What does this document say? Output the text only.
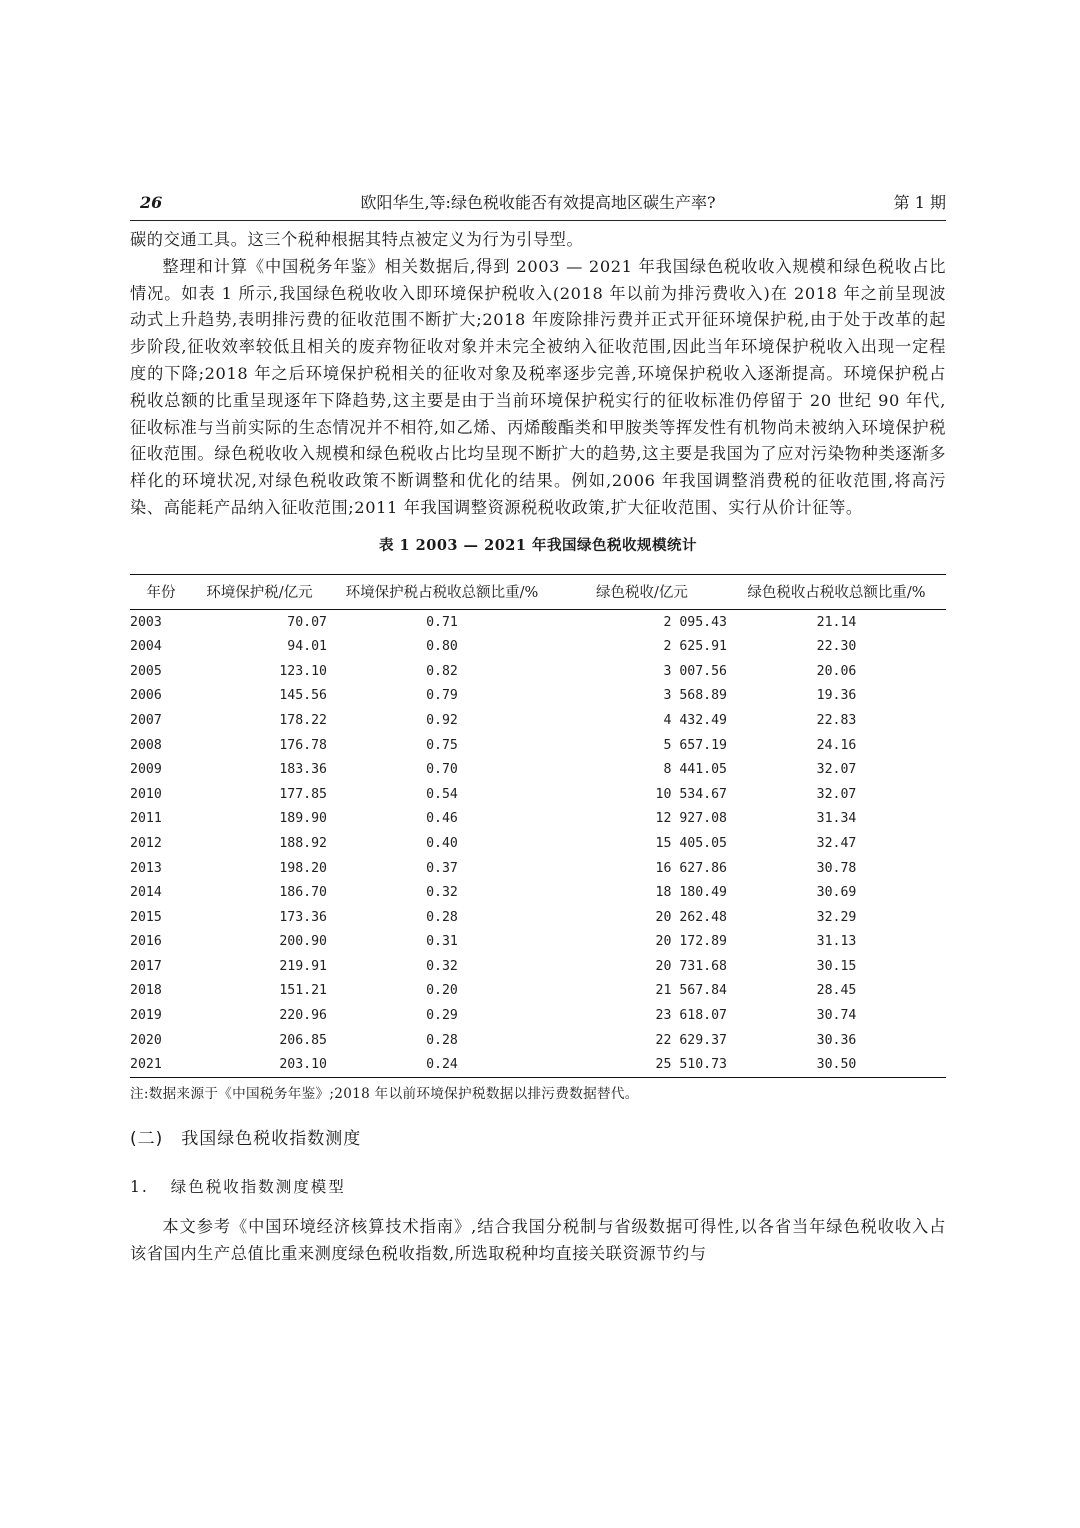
26	欧阳华生,等:绿色税收能否有效提高地区碳生产率?	第 1 期

碳的交通工具。这三个税种根据其特点被定义为行为引导型。

整理和计算《中国税务年鉴》相关数据后,得到 2003 — 2021 年我国绿色税收收入规模和绿色税收占比情况。如表 1 所示,我国绿色税收收入即环境保护税收入(2018 年以前为排污费收入)在 2018 年之前呈现波动式上升趋势,表明排污费的征收范围不断扩大;2018 年废除排污费并正式开征环境保护税,由于处于改革的起步阶段,征收效率较低且相关的废弃物征收对象并未完全被纳入征收范围,因此当年环境保护税收入出现一定程度的下降;2018 年之后环境保护税相关的征收对象及税率逐步完善,环境保护税收入逐渐提高。环境保护税占税收总额的比重呈现逐年下降趋势,这主要是由于当前环境保护税实行的征收标准仍停留于 20 世纪 90 年代,征收标准与当前实际的生态情况并不相符,如乙烯、丙烯酸酯类和甲胺类等挥发性有机物尚未被纳入环境保护税征收范围。绿色税收收入规模和绿色税收占比均呈现不断扩大的趋势,这主要是我国为了应对污染物种类逐渐多样化的环境状况,对绿色税收政策不断调整和优化的结果。例如,2006 年我国调整消费税的征收范围,将高污染、高能耗产品纳入征收范围;2011 年我国调整资源税税收政策,扩大征收范围、实行从价计征等。

表 1 2003 — 2021 年我国绿色税收规模统计
年份	环境保护税/亿元	环境保护税占税收总额比重/%	绿色税收/亿元	绿色税收占税收总额比重/%
2003	70.07	0.71	2 095.43	21.14
2004	94.01	0.80	2 625.91	22.30
2005	123.10	0.82	3 007.56	20.06
2006	145.56	0.79	3 568.89	19.36
2007	178.22	0.92	4 432.49	22.83
2008	176.78	0.75	5 657.19	24.16
2009	183.36	0.70	8 441.05	32.07
2010	177.85	0.54	10 534.67	32.07
2011	189.90	0.46	12 927.08	31.34
2012	188.92	0.40	15 405.05	32.47
2013	198.20	0.37	16 627.86	30.78
2014	186.70	0.32	18 180.49	30.69
2015	173.36	0.28	20 262.48	32.29
2016	200.90	0.31	20 172.89	31.13
2017	219.91	0.32	20 731.68	30.15
2018	151.21	0.20	21 567.84	28.45
2019	220.96	0.29	23 618.07	30.74
2020	206.85	0.28	22 629.37	30.36
2021	203.10	0.24	25 510.73	30.50
注:数据来源于《中国税务年鉴》;2018 年以前环境保护税数据以排污费数据替代。
(二) 我国绿色税收指数测度
1. 绿色税收指数测度模型

本文参考《中国环境经济核算技术指南》,结合我国分税制与省级数据可得性,以各省当年绿色税收收入占该省国内生产总值比重来测度绿色税收指数,所选取税种均直接关联资源节约与
